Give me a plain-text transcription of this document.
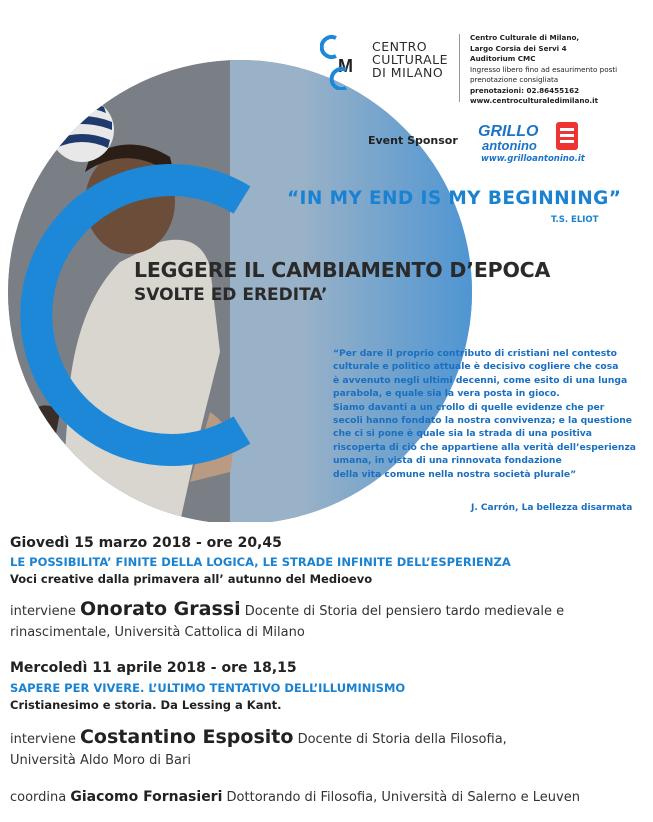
M
CENTRO
CULTURALE
DI MILANO
Centro Culturale di Milano,
Largo Corsia dei Servi 4
Auditorium CMC
Ingresso libero fino ad esaurimento posti
prenotazione consigliata
prenotazioni: 02.86455162
www.centroculturaledimilano.it
Event Sponsor
GRILLO
antonino
www.grilloantonino.it
“IN MY END IS MY BEGINNING”
T.S. ELIOT
LEGGERE IL CAMBIAMENTO D’EPOCA
SVOLTE ED EREDITA’

“Per dare il proprio contributo di cristiani nel contesto

culturale e politico attuale è decisivo cogliere che cosa

è avvenuto negli ultimi decenni, come esito di una lunga

parabola, e quale sia la vera posta in gioco.

Siamo davanti a un crollo di quelle evidenze che per

secoli hanno fondato la nostra convivenza; e la questione

che ci si pone è quale sia la strada di una positiva

riscoperta di ciò che appartiene alla verità dell’esperienza

umana, in vista di una rinnovata fondazione

della vita comune nella nostra società plurale”

J. Carrón, La bellezza disarmata
Giovedì 15 marzo 2018 - ore 20,45
LE POSSIBILITA’ FINITE DELLA LOGICA, LE STRADE INFINITE DELL’ESPERIENZA
Voci creative dalla primavera all’ autunno del Medioevo
interviene Onorato Grassi Docente di Storia del pensiero tardo medievale e
rinascimentale, Università Cattolica di Milano
Mercoledì 11 aprile 2018 - ore 18,15
SAPERE PER VIVERE. L’ULTIMO TENTATIVO DELL’ILLUMINISMO
Cristianesimo e storia. Da Lessing a Kant.
interviene Costantino Esposito Docente di Storia della Filosofia,
Università Aldo Moro di Bari
coordina Giacomo Fornasieri Dottorando di Filosofia, Università di Salerno e Leuven
